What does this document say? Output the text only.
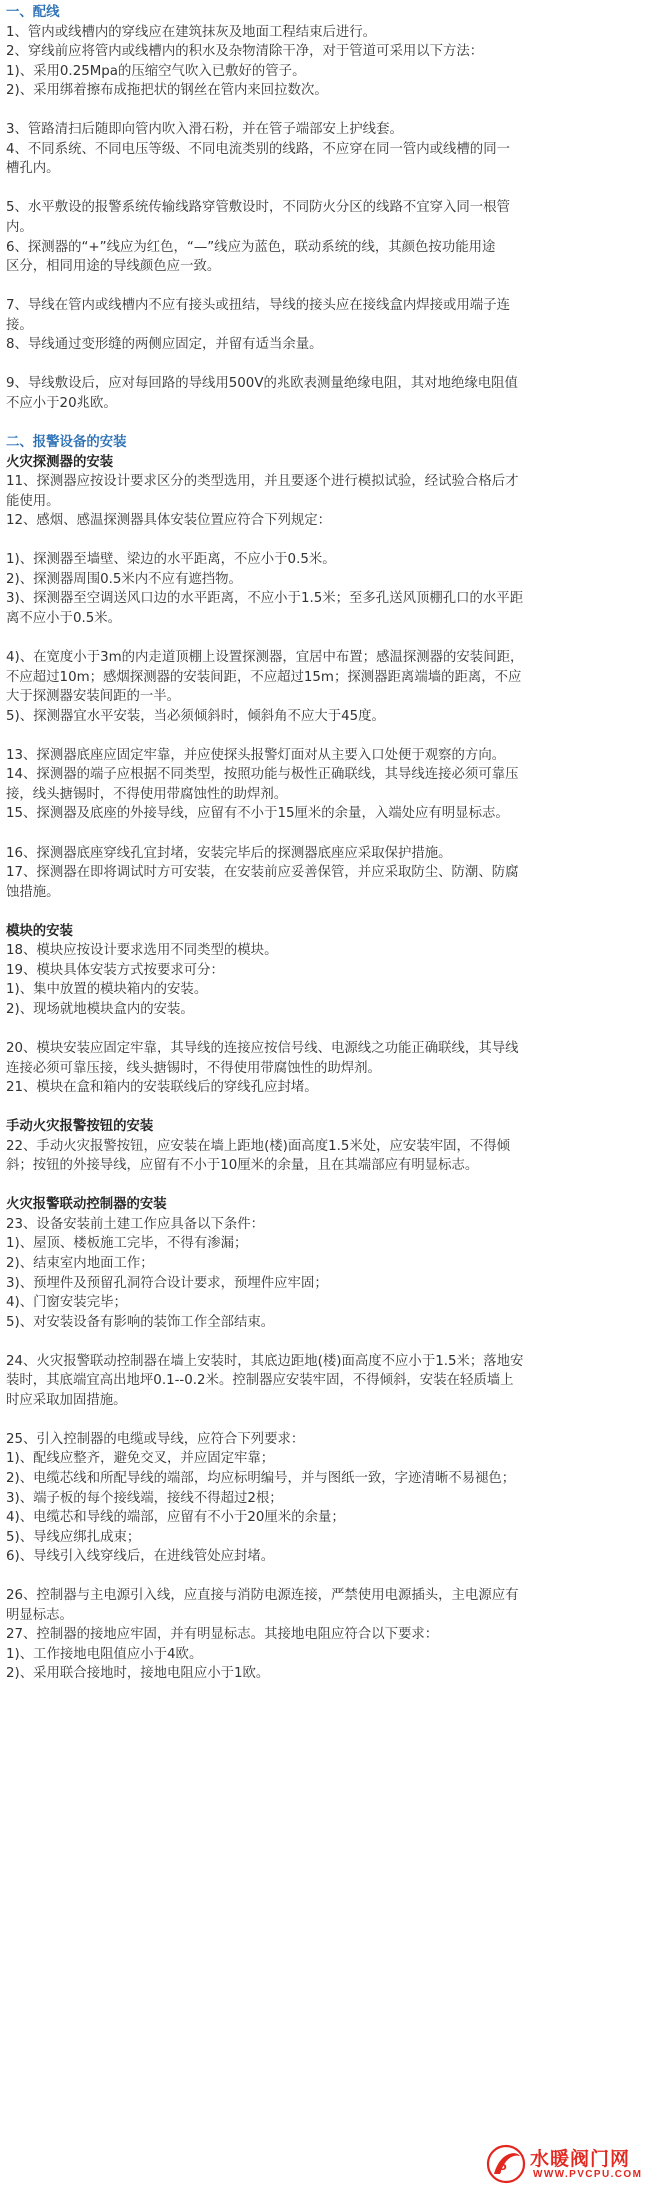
一、配线
1、管内或线槽内的穿线应在建筑抹灰及地面工程结束后进行。
2、穿线前应将管内或线槽内的积水及杂物清除干净，对于管道可采用以下方法：
1)、采用0.25Mpa的压缩空气吹入已敷好的管子。
2)、采用绑着擦布成拖把状的钢丝在管内来回拉数次。
3、管路清扫后随即向管内吹入滑石粉，并在管子端部安上护线套。
4、不同系统、不同电压等级、不同电流类别的线路，不应穿在同一管内或线槽的同一
槽孔内。
5、水平敷设的报警系统传输线路穿管敷设时，不同防火分区的线路不宜穿入同一根管
内。
6、探测器的“+”线应为红色，“—”线应为蓝色，联动系统的线，其颜色按功能用途
区分，相同用途的导线颜色应一致。
7、导线在管内或线槽内不应有接头或扭结，导线的接头应在接线盒内焊接或用端子连
接。
8、导线通过变形缝的两侧应固定，并留有适当余量。
9、导线敷设后，应对每回路的导线用500V的兆欧表测量绝缘电阻，其对地绝缘电阻值
不应小于20兆欧。
二、报警设备的安装
火灾探测器的安装
11、探测器应按设计要求区分的类型选用，并且要逐个进行模拟试验，经试验合格后才
能使用。
12、感烟、感温探测器具体安装位置应符合下列规定：
1)、探测器至墙壁、梁边的水平距离，不应小于0.5米。
2)、探测器周围0.5米内不应有遮挡物。
3)、探测器至空调送风口边的水平距离，不应小于1.5米；至多孔送风顶棚孔口的水平距
离不应小于0.5米。
4)、在宽度小于3m的内走道顶棚上设置探测器，宜居中布置；感温探测器的安装间距，
不应超过10m；感烟探测器的安装间距，不应超过15m；探测器距离端墙的距离，不应
大于探测器安装间距的一半。
5)、探测器宜水平安装，当必须倾斜时，倾斜角不应大于45度。
13、探测器底座应固定牢靠，并应使探头报警灯面对从主要入口处便于观察的方向。
14、探测器的端子应根据不同类型，按照功能与极性正确联线，其导线连接必须可靠压
接，线头搪锡时，不得使用带腐蚀性的助焊剂。
15、探测器及底座的外接导线，应留有不小于15厘米的余量，入端处应有明显标志。
16、探测器底座穿线孔宜封堵，安装完毕后的探测器底座应采取保护措施。
17、探测器在即将调试时方可安装，在安装前应妥善保管，并应采取防尘、防潮、防腐
蚀措施。
模块的安装
18、模块应按设计要求选用不同类型的模块。
19、模块具体安装方式按要求可分：
1)、集中放置的模块箱内的安装。
2)、现场就地模块盒内的安装。
20、模块安装应固定牢靠，其导线的连接应按信号线、电源线之功能正确联线，其导线
连接必须可靠压接，线头搪锡时，不得使用带腐蚀性的助焊剂。
21、模块在盒和箱内的安装联线后的穿线孔应封堵。
手动火灾报警按钮的安装
22、手动火灾报警按钮，应安装在墙上距地(楼)面高度1.5米处，应安装牢固，不得倾
斜；按钮的外接导线，应留有不小于10厘米的余量，且在其端部应有明显标志。
火灾报警联动控制器的安装
23、设备安装前土建工作应具备以下条件：
1)、屋顶、楼板施工完毕，不得有渗漏；
2)、结束室内地面工作；
3)、预埋件及预留孔洞符合设计要求，预埋件应牢固；
4)、门窗安装完毕；
5)、对安装设备有影响的装饰工作全部结束。
24、火灾报警联动控制器在墙上安装时，其底边距地(楼)面高度不应小于1.5米；落地安
装时，其底端宜高出地坪0.1--0.2米。控制器应安装牢固，不得倾斜，安装在轻质墙上
时应采取加固措施。
25、引入控制器的电缆或导线，应符合下列要求：
1)、配线应整齐，避免交叉，并应固定牢靠；
2)、电缆芯线和所配导线的端部，均应标明编号，并与图纸一致，字迹清晰不易褪色；
3)、端子板的每个接线端，接线不得超过2根；
4)、电缆芯和导线的端部，应留有不小于20厘米的余量；
5)、导线应绑扎成束；
6)、导线引入线穿线后，在进线管处应封堵。
26、控制器与主电源引入线，应直接与消防电源连接，严禁使用电源插头，主电源应有
明显标志。
27、控制器的接地应牢固，并有明显标志。其接地电阻应符合以下要求：
1)、工作接地电阻值应小于4欧。
2)、采用联合接地时，接地电阻应小于1欧。
P 水暖阀门网
WWW.PVCPU.COM
